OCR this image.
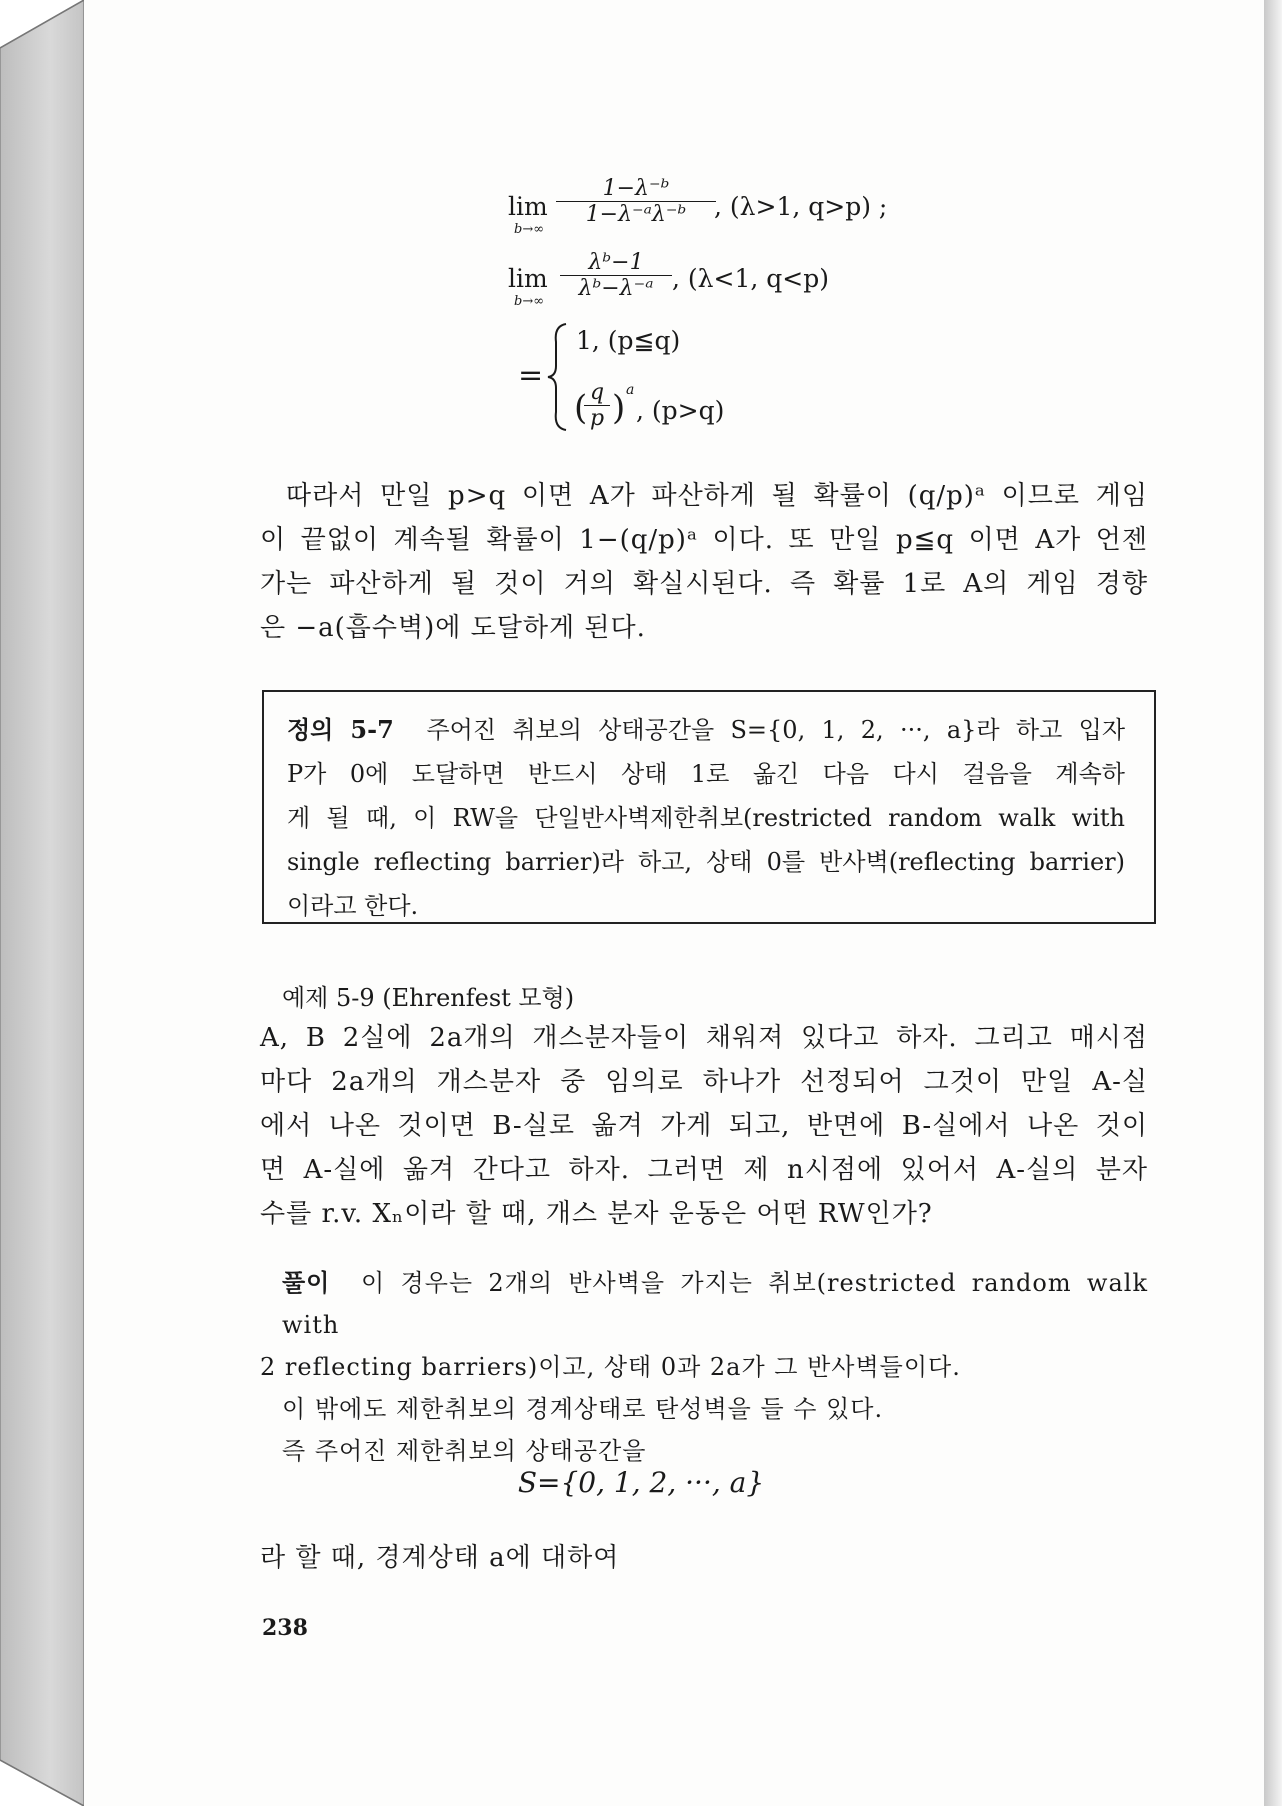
lim
b→∞
1−λ⁻ᵇ
1−λ⁻ᵃλ⁻ᵇ	, (λ>1, q>p) ;
lim
b→∞
λᵇ−1
λᵇ−λ⁻ᵃ , (λ<1, q<p)
=
1, (p≦q)
( q
p ) a
, (p>q)
따라서 만일 p>q 이면 A가 파산하게 될 확률이 (q/p)ᵃ 이므로 게임
이 끝없이 계속될 확률이 1−(q/p)ᵃ 이다. 또 만일 p≦q 이면 A가 언젠
가는 파산하게 될 것이 거의 확실시된다. 즉 확률 1로 A의 게임 경향
은 −a(흡수벽)에 도달하게 된다.
정의 5-7 주어진 취보의 상태공간을 S={0, 1, 2, ···, a}라 하고 입자
P가 0에 도달하면 반드시 상태 1로 옮긴 다음 다시 걸음을 계속하
게 될 때, 이 RW을 단일반사벽제한취보(restricted random walk with
single reflecting barrier)라 하고, 상태 0를 반사벽(reflecting barrier)
이라고 한다.
예제 5-9 (Ehrenfest 모형)
A, B 2실에 2a개의 개스분자들이 채워져 있다고 하자. 그리고 매시점
마다 2a개의 개스분자 중 임의로 하나가 선정되어 그것이 만일 A-실
에서 나온 것이면 B-실로 옮겨 가게 되고, 반면에 B-실에서 나온 것이
면 A-실에 옮겨 간다고 하자. 그러면 제 n시점에 있어서 A-실의 분자
수를 r.v. Xₙ이라 할 때, 개스 분자 운동은 어떤 RW인가?
풀이 이 경우는 2개의 반사벽을 가지는 취보(restricted random walk with
2 reflecting barriers)이고, 상태 0과 2a가 그 반사벽들이다.
이 밖에도 제한취보의 경계상태로 탄성벽을 들 수 있다.
즉 주어진 제한취보의 상태공간을
S={0, 1, 2, ···, a}
라 할 때, 경계상태 a에 대하여
238
